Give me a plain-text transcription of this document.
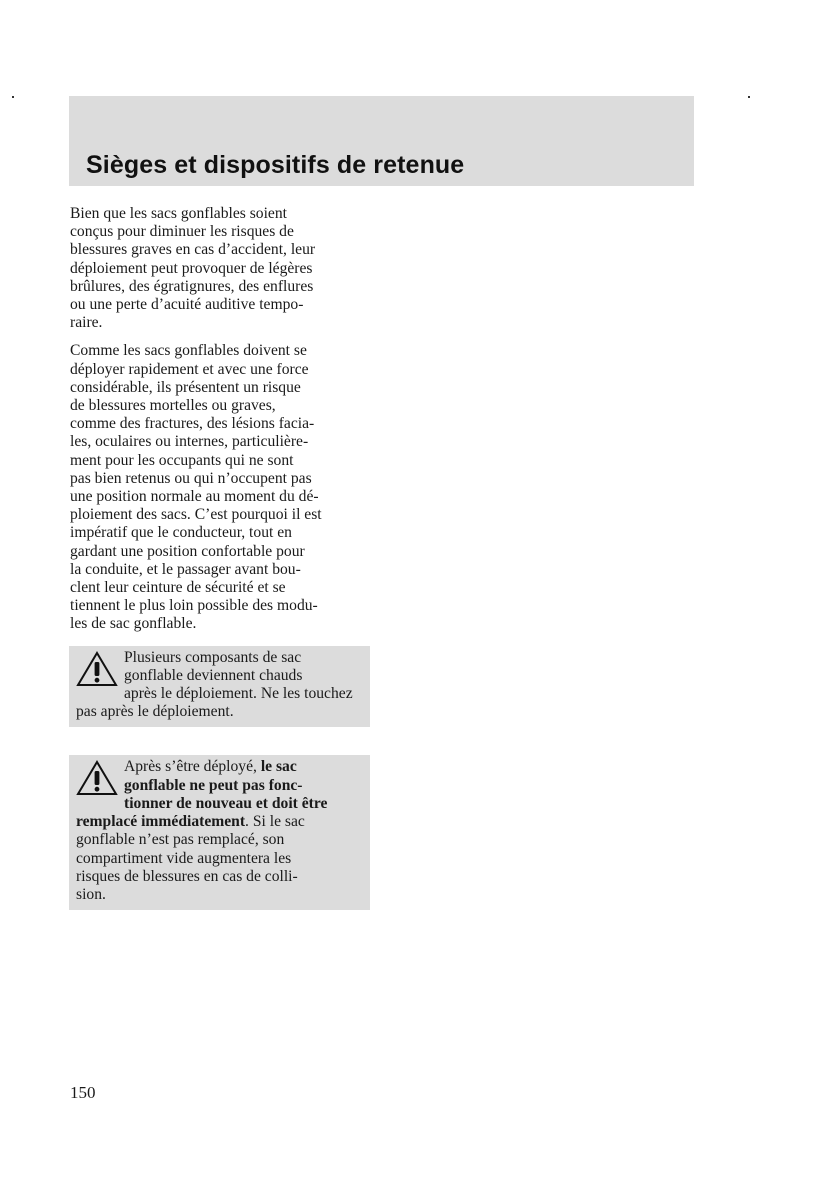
Sièges et dispositifs de retenue

Bien que les sacs gonflables soient
conçus pour diminuer les risques de
blessures graves en cas d’accident, leur
déploiement peut provoquer de légères
brûlures, des égratignures, des enflures
ou une perte d’acuité auditive tempo-
raire.

Comme les sacs gonflables doivent se
déployer rapidement et avec une force
considérable, ils présentent un risque
de blessures mortelles ou graves,
comme des fractures, des lésions facia-
les, oculaires ou internes, particulière-
ment pour les occupants qui ne sont
pas bien retenus ou qui n’occupent pas
une position normale au moment du dé-
ploiement des sacs. C’est pourquoi il est
impératif que le conducteur, tout en
gardant une position confortable pour
la conduite, et le passager avant bou-
clent leur ceinture de sécurité et se
tiennent le plus loin possible des modu-
les de sac gonflable.

Plusieurs composants de sac
gonflable deviennent chauds
après le déploiement. Ne les touchez
pas après le déploiement.
Après s’être déployé, le sac
gonflable ne peut pas fonc-
tionner de nouveau et doit être
remplacé immédiatement. Si le sac
gonflable n’est pas remplacé, son
compartiment vide augmentera les
risques de blessures en cas de colli-
sion.
150
